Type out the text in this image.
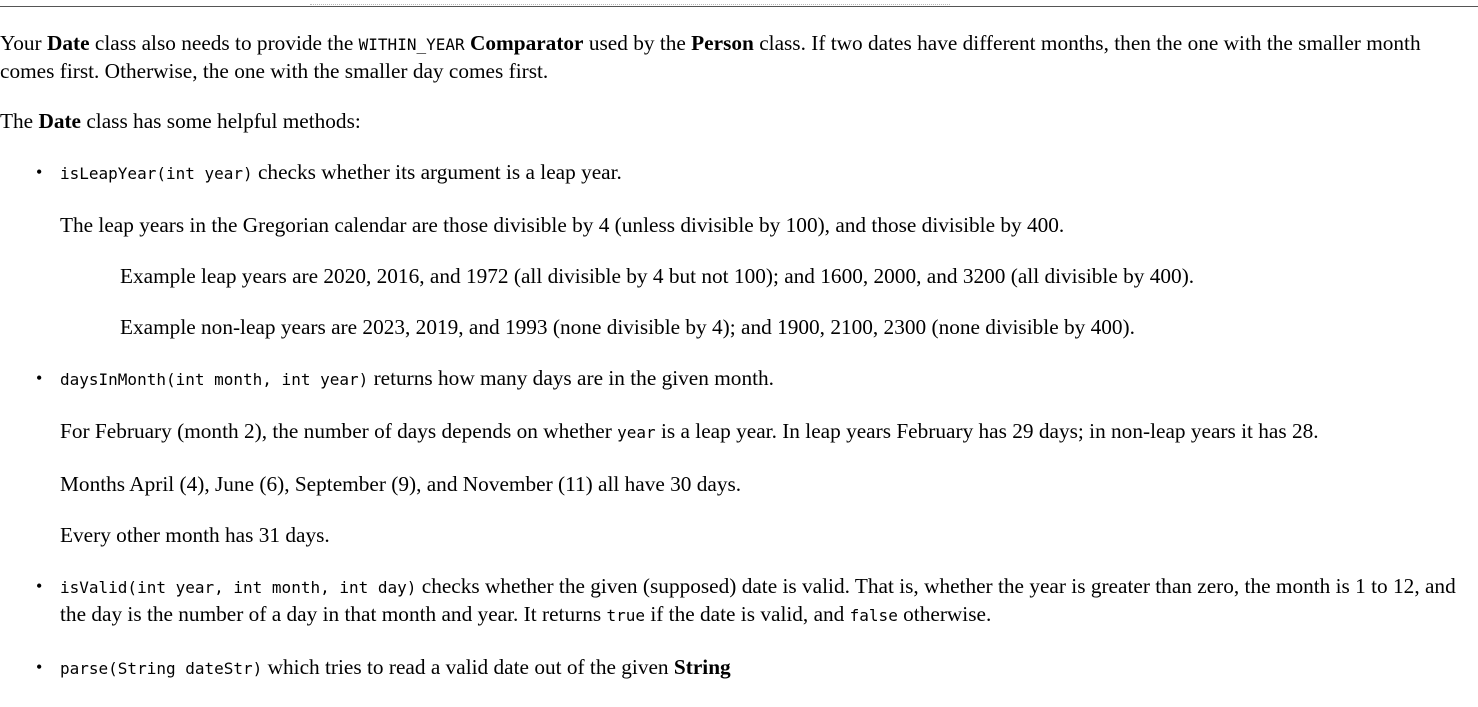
Your Date class also needs to provide the WITHIN_YEAR Comparator used by the Person class. If two dates have different months, then the one with the smaller month comes first. Otherwise, the one with the smaller day comes first.

The Date class has some helpful methods:

• isLeapYear(int year) checks whether its argument is a leap year.

The leap years in the Gregorian calendar are those divisible by 4 (unless divisible by 100), and those divisible by 400.

Example leap years are 2020, 2016, and 1972 (all divisible by 4 but not 100); and 1600, 2000, and 3200 (all divisible by 400).

Example non-leap years are 2023, 2019, and 1993 (none divisible by 4); and 1900, 2100, 2300 (none divisible by 400).

• daysInMonth(int month, int year) returns how many days are in the given month.

For February (month 2), the number of days depends on whether year is a leap year. In leap years February has 29 days; in non-leap years it has 28.

Months April (4), June (6), September (9), and November (11) all have 30 days.

Every other month has 31 days.

• isValid(int year, int month, int day) checks whether the given (supposed) date is valid. That is, whether the year is greater than zero, the month is 1 to 12, and the day is the number of a day in that month and year. It returns true if the date is valid, and false otherwise.

• parse(String dateStr) which tries to read a valid date out of the given String
